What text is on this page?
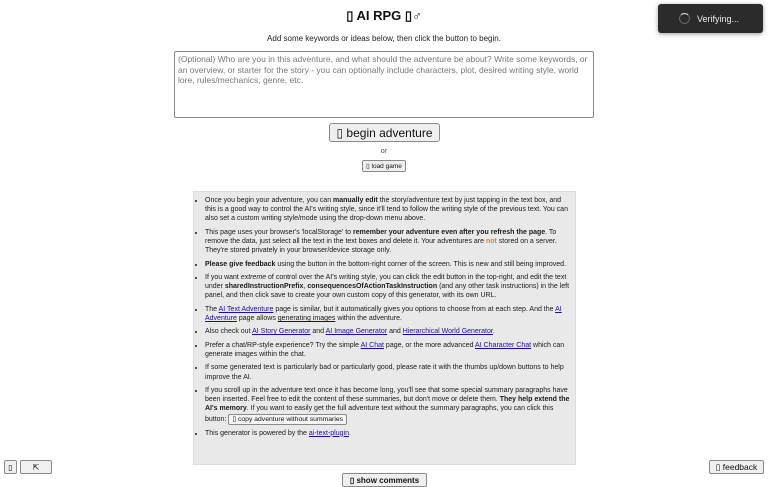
▯ AI RPG ▯♂
Add some keywords or ideas below, then click the button to begin.
(Optional) Who are you in this adventure, and what should the adventure be about? Write some keywords, or an overview, or starter for the story - you can optionally include characters, plot, desired writing style, world lore, rules/mechanics, genre, etc.
▯ begin adventure
or
▯ load game
• Once you begin your adventure, you can manually edit the story/adventure text by just tapping in the text box, and this is a good way to control the AI's writing style, since it'll tend to follow the writing style of the previous text. You can also set a custom writing style/mode using the drop-down menu above.
• This page uses your browser's 'localStorage' to remember your adventure even after you refresh the page. To remove the data, just select all the text in the text boxes and delete it. Your adventures are not stored on a server. They're stored privately in your browser/device storage only.
• Please give feedback using the button in the bottom-right corner of the screen. This is new and still being improved.
• If you want extreme of control over the AI's writing style, you can click the edit button in the top-right, and edit the text under sharedInstructionPrefix, consequencesOfActionTaskInstruction (and any other task instructions) in the left panel, and then click save to create your own custom copy of this generator, with its own URL.
• The AI Text Adventure page is similar, but it automatically gives you options to choose from at each step. And the AI Adventure page allows generating images within the adventure.
• Also check out AI Story Generator and AI Image Generator and Hierarchical World Generator.
• Prefer a chat/RP-style experience? Try the simple AI Chat page, or the more advanced AI Character Chat which can generate images within the chat.
• If some generated text is particularly bad or particularly good, please rate it with the thumbs up/down buttons to help improve the AI.
• If you scroll up in the adventure text once it has become long, you'll see that some special summary paragraphs have been inserted. Feel free to edit the content of these summaries, but don't move or delete them. They help extend the AI's memory. If you want to easily get the full adventure text without the summary paragraphs, you can click this button: ▯ copy adventure without summaries
• This generator is powered by the ai-text-plugin.
▯ show comments
▯	⇱	▯ feedback
Verifying...
